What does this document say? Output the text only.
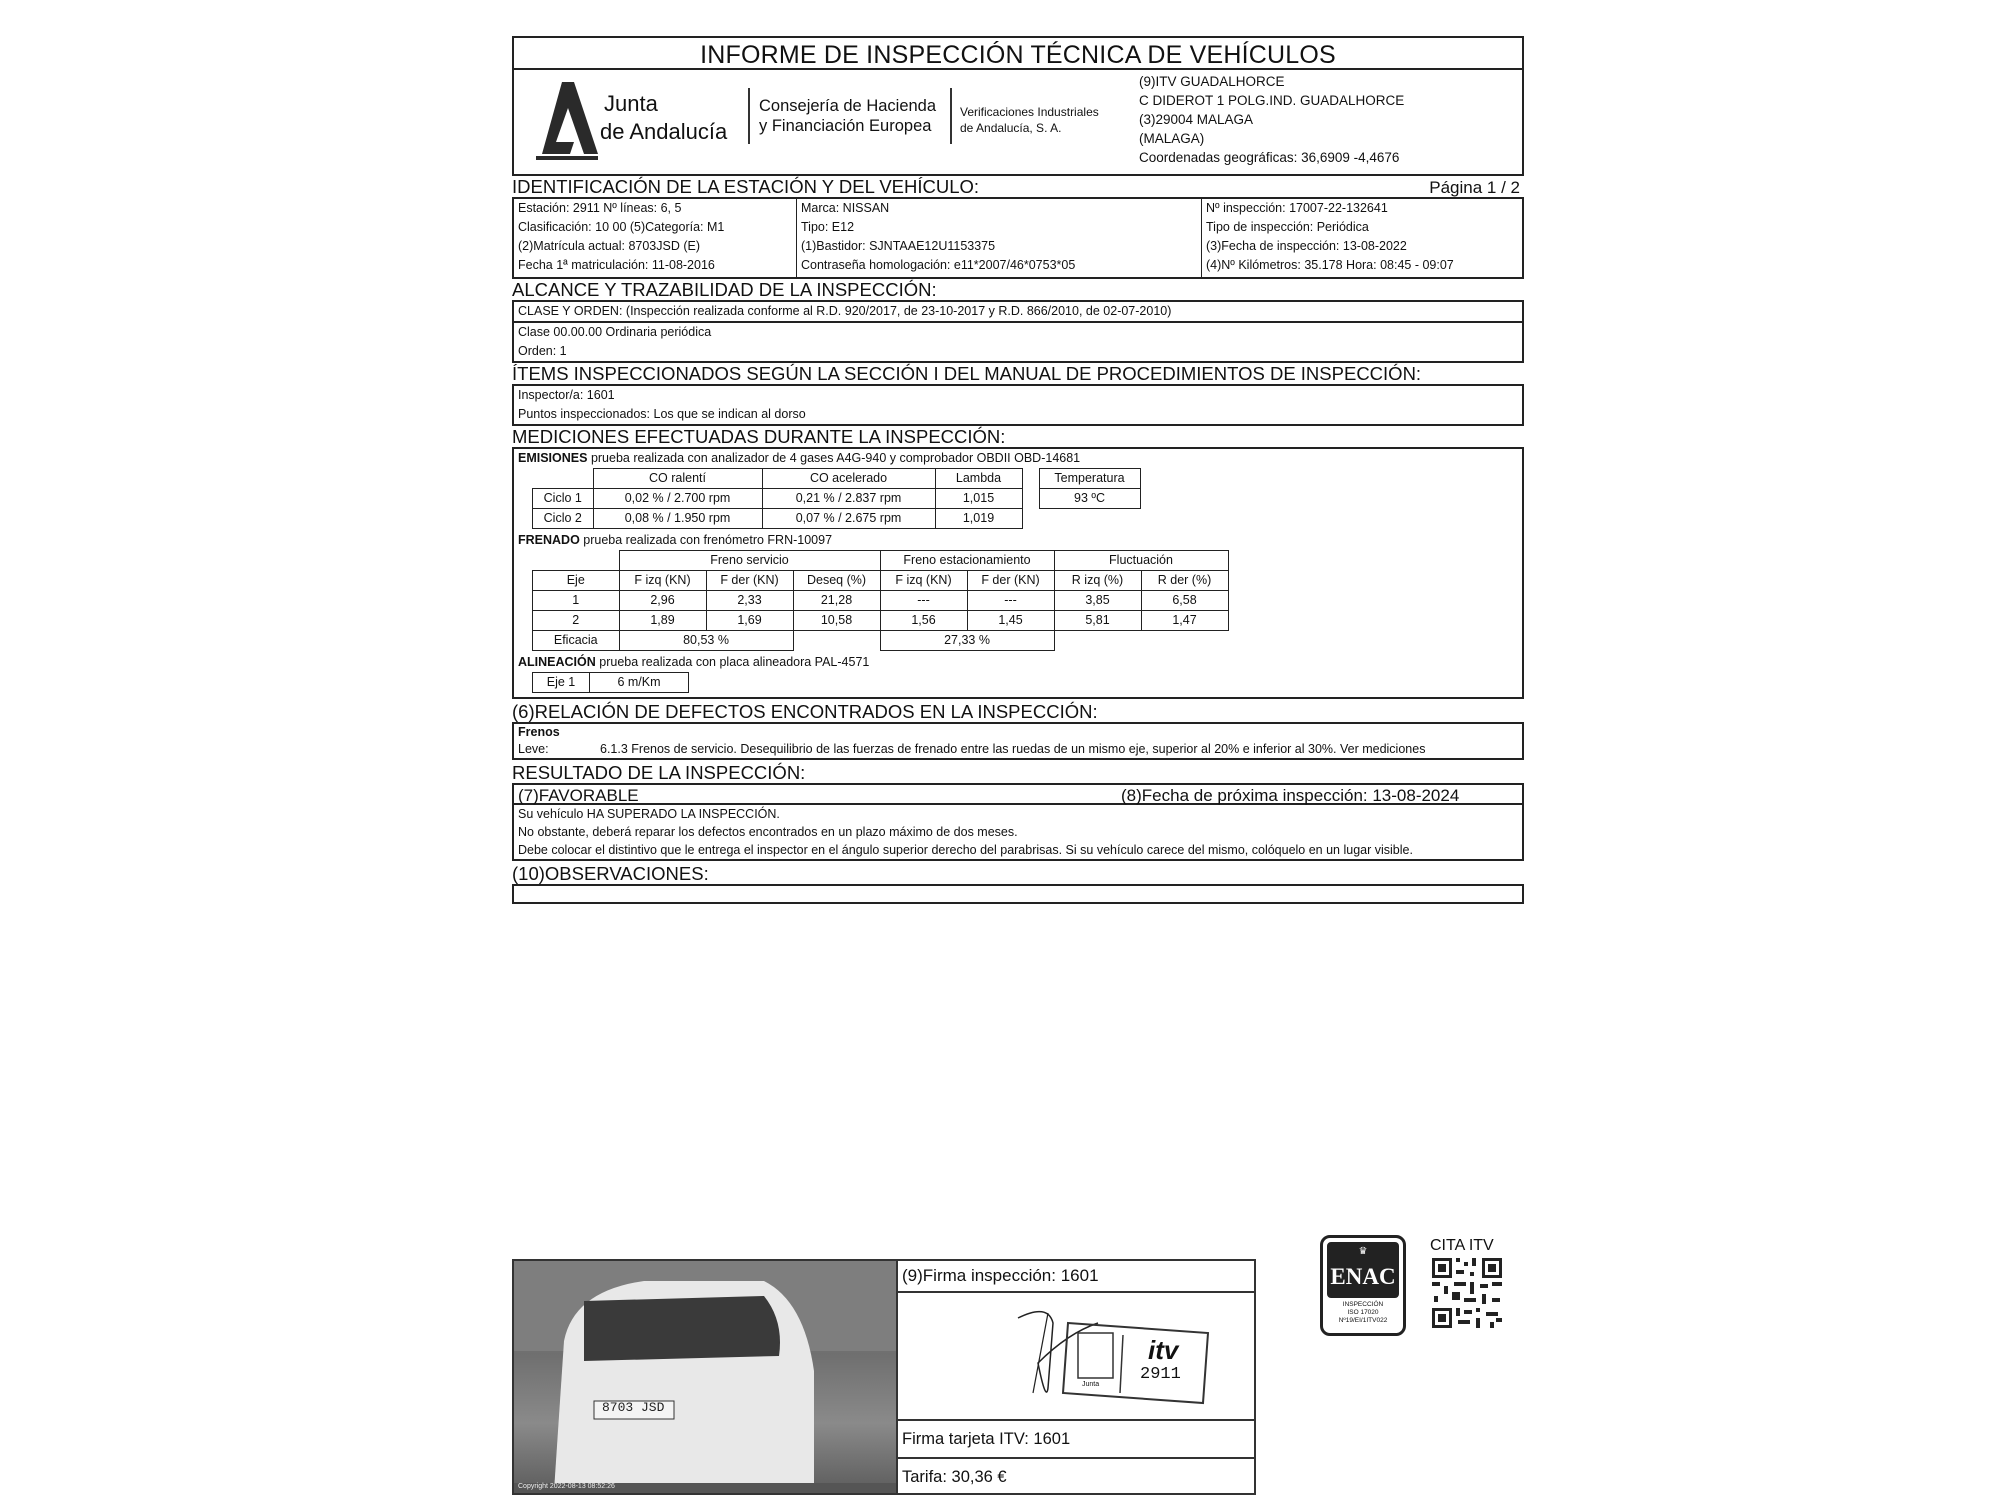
INFORME DE INSPECCIÓN TÉCNICA DE VEHÍCULOS
Junta
de Andalucía
Consejería de Hacienda
y Financiación Europea
Verificaciones Industriales
de Andalucía, S. A.
(9)ITV GUADALHORCE
C DIDEROT 1 POLG.IND. GUADALHORCE
(3)29004 MALAGA
(MALAGA)
Coordenadas geográficas: 36,6909 -4,4676
IDENTIFICACIÓN DE LA ESTACIÓN Y DEL VEHÍCULO:	Página 1 / 2
Estación: 2911 Nº líneas: 6, 5
Clasificación: 10 00 (5)Categoría: M1
(2)Matrícula actual: 8703JSD (E)
Fecha 1ª matriculación: 11-08-2016
Marca: NISSAN
Tipo: E12
(1)Bastidor: SJNTAAE12U1153375
Contraseña homologación: e11*2007/46*0753*05
Nº inspección: 17007-22-132641
Tipo de inspección: Periódica
(3)Fecha de inspección: 13-08-2022
(4)Nº Kilómetros: 35.178 Hora: 08:45 - 09:07
ALCANCE Y TRAZABILIDAD DE LA INSPECCIÓN:
CLASE Y ORDEN: (Inspección realizada conforme al R.D. 920/2017, de 23-10-2017 y R.D. 866/2010, de 02-07-2010)
Clase 00.00.00 Ordinaria periódica
Orden: 1
ÍTEMS INSPECCIONADOS SEGÚN LA SECCIÓN I DEL MANUAL DE PROCEDIMIENTOS DE INSPECCIÓN:
Inspector/a: 1601
Puntos inspeccionados: Los que se indican al dorso
MEDICIONES EFECTUADAS DURANTE LA INSPECCIÓN:
EMISIONES prueba realizada con analizador de 4 gases A4G-940 y comprobador OBDII OBD-14681
	CO ralentí	CO acelerado	Lambda
Ciclo 1	0,02 % / 2.700 rpm	0,21 % / 2.837 rpm	1,015
Ciclo 2	0,08 % / 1.950 rpm	0,07 % / 2.675 rpm	1,019
Temperatura
93 ºC
FRENADO prueba realizada con frenómetro FRN-10097
	Freno servicio			Freno estacionamiento		Fluctuación	
Eje	F izq (KN)	F der (KN)	Deseq (%)	F izq (KN)	F der (KN)	R izq (%)	R der (%)
1	2,96	2,33	21,28	---	---	3,85	6,58
2	1,89	1,69	10,58	1,56	1,45	5,81	1,47
Eficacia	80,53 %			27,33 %			
ALINEACIÓN prueba realizada con placa alineadora PAL-4571
Eje 1	6 m/Km
(6)RELACIÓN DE DEFECTOS ENCONTRADOS EN LA INSPECCIÓN:
Frenos
Leve:	6.1.3 Frenos de servicio. Desequilibrio de las fuerzas de frenado entre las ruedas de un mismo eje, superior al 20% e inferior al 30%. Ver mediciones
RESULTADO DE LA INSPECCIÓN:
(7)FAVORABLE	(8)Fecha de próxima inspección: 13-08-2024
Su vehículo HA SUPERADO LA INSPECCIÓN.
No obstante, deberá reparar los defectos encontrados en un plazo máximo de dos meses.
Debe colocar el distintivo que le entrega el inspector en el ángulo superior derecho del parabrisas. Si su vehículo carece del mismo, colóquelo en un lugar visible.
(10)OBSERVACIONES:
8703 JSD
Copyright 2022-08-13 08:52:26
(9)Firma inspección: 1601
itv
2911
Junta
Firma tarjeta ITV: 1601
Tarifa: 30,36 €
♛
ENAC
INSPECCIÓN
ISO 17020
Nº19/EI/1ITV022
CITA ITV
